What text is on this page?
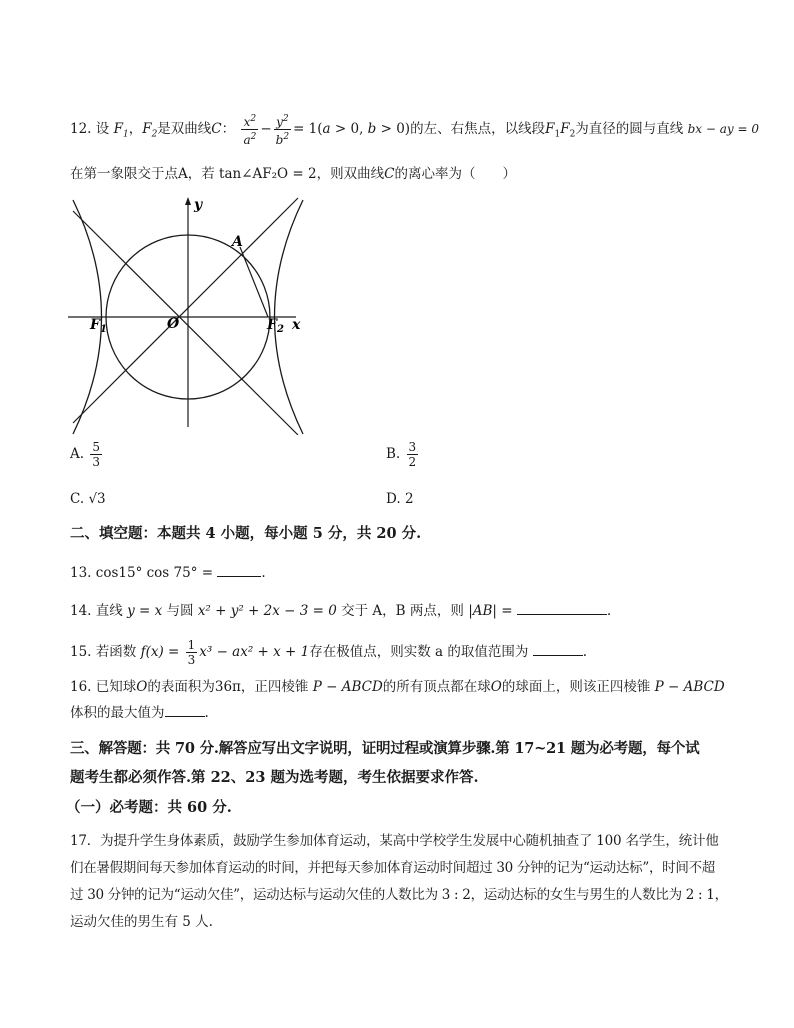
12. 设 $F_1$，$F_2$是双曲线C： $\frac{x^2}{a^2} - \frac{y^2}{b^2} = 1(a > 0$, b > 0)的左、右焦点，以线段$F_1F_2$为直径的圆与直线 bx − ay = 0
在第一象限交于点A，若 tan∠AF₂O = 2，则双曲线C的离心率为（　　）
y
x
O
A
$F_1$	$F_2$
A. $\frac{5}{3}$	B. $\frac{3}{2}$
C. √3	D. 2
二、填空题：本题共 4 小题，每小题 5 分，共 20 分.
13. cos15° cos 75° =	.
14. 直线 y = x 与圆 x² + y² + 2x − 3 = 0 交于 A，B 两点，则 |AB| =	.
15. 若函数 $f(x) = \frac{1}{3} x^3 - ax^2 + x + 1$存在极值点，则实数 a 的取值范围为	.
16. 已知球O的表面积为36π，正四棱锥 P − ABCD的所有顶点都在球O的球面上，则该正四棱锥 P − ABCD
体积的最大值为	.
三、解答题：共 70 分.解答应写出文字说明，证明过程或演算步骤.第 17~21 题为必考题，每个试
题考生都必须作答.第 22、23 题为选考题，考生依据要求作答.
（一）必考题：共 60 分.
17．为提升学生身体素质，鼓励学生参加体育运动，某高中学校学生发展中心随机抽查了 100 名学生，统计他
们在暑假期间每天参加体育运动的时间，并把每天参加体育运动时间超过 30 分钟的记为“运动达标”，时间不超
过 30 分钟的记为“运动欠佳”，运动达标与运动欠佳的人数比为 3 : 2，运动达标的女生与男生的人数比为 2 : 1，
运动欠佳的男生有 5 人.
